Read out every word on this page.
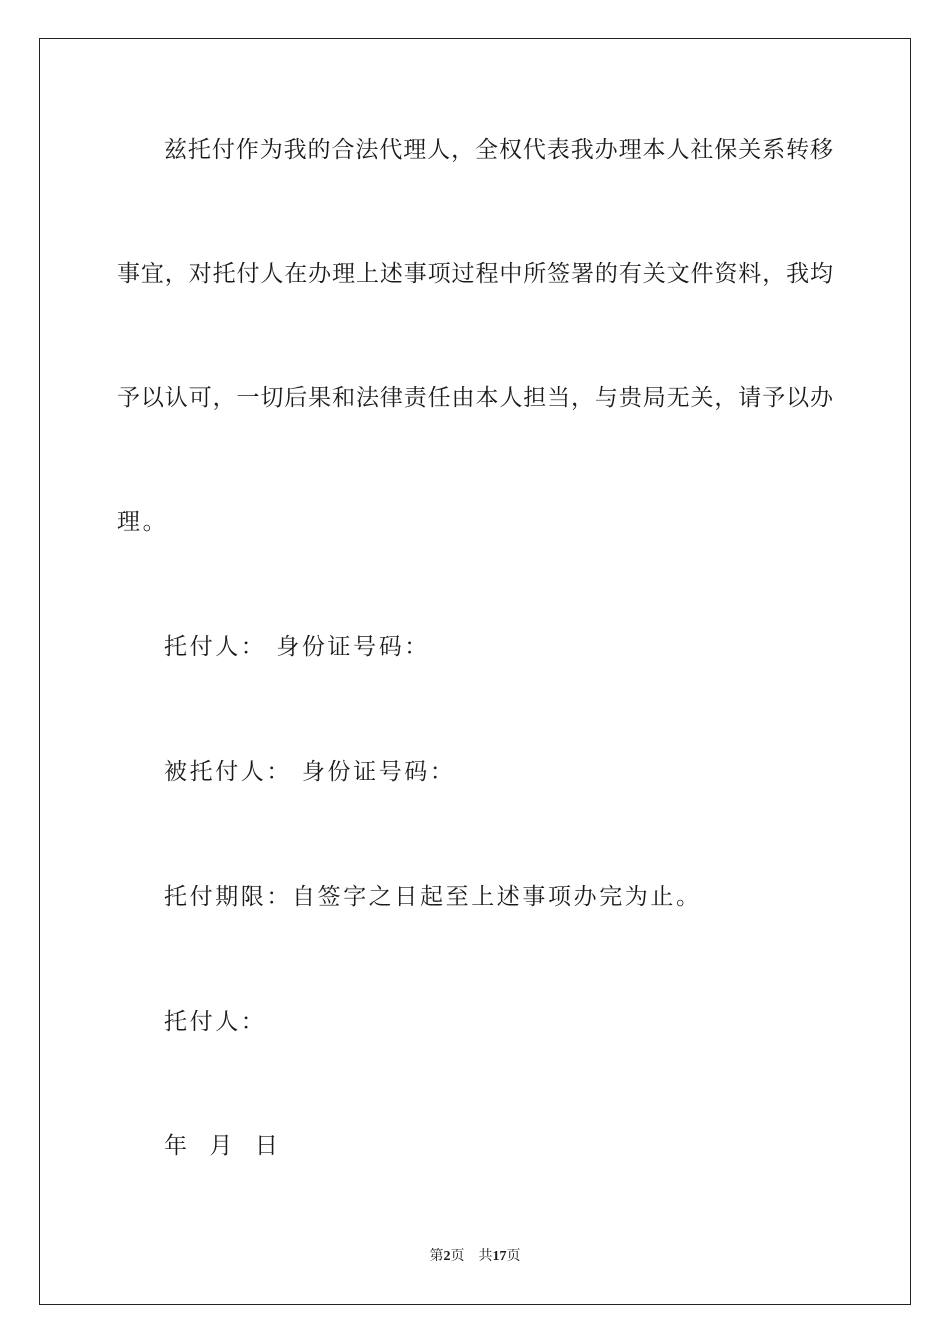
兹托付作为我的合法代理人，全权代表我办理本人社保关系转移
事宜，对托付人在办理上述事项过程中所签署的有关文件资料，我均
予以认可，一切后果和法律责任由本人担当，与贵局无关，请予以办
理。
托付人： 身份证号码：
被托付人： 身份证号码：
托付期限：自签字之日起至上述事项办完为止。
托付人：
年  月  日
第2页 共17页
